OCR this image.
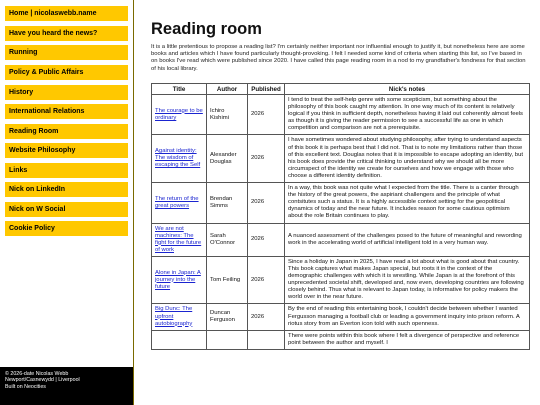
Home | nicolaswebb.name
Have you heard the news?
Running
Policy & Public Affairs
History
International Relations
Reading Room
Website Philosophy
Links
Nick on LinkedIn
Nick on W Social
Cookie Policy
© 2026-date Nicolas Webb
Newport/Casnewydd | Liverpool
Built on Neocities
Reading room

It is a little pretentious to propose a reading list? I'm certainly neither important nor influential enough to justify it, but nonetheless here are some books and articles which I have found particularly thought-provoking. I felt I needed some kind of criteria when starting this list, so I've based in on books I've read which were published since 2020. I have called this page reading room in a nod to my grandfather's fondness for that section of his local library.

Title	Author	Published	Nick's notes
The courage to be ordinary	Ichiro Kishimi	2026	I tend to treat the self-help genre with some scepticism, but something about the philosophy of this book caught my attention. In one way much of its content is relatively logical if you think in sufficient depth, nonetheless having it laid out coherently almost feels as though it is giving the reader permission to see a successful life as one in which competition and comparison are not a prerequisite.
Against identity: The wisdom of escaping the Self	Alexander Douglas	2026	I have sometimes wondered about studying philosophy, after trying to understand aspects of this book it is perhaps best that I did not. That is to note my limitations rather than those of this excellent text. Douglas notes that it is impossible to escape adopting an identity, but his book does provide the critical thinking to understand why we should all be more circumspect of the identity we create for ourselves and how we engage with those who choose a different identity definition.
The return of the great powers	Brendan Simms	2026	In a way, this book was not quite what I expected from the title. There is a canter through the history of the great powers, the aspiriant challengers and the principle of what contsitutes such a status. It is a highly accessible context setting for the geopolitical dynamics of today and the near future. It includes reason for some cautious optimism about the role Britain continues to play.
We are not machines: The fight for the future of work	Sarah O'Connor	2026	A nuanced assessment of the challenges posed to the future of meaningful and rewording work in the accelerating world of artificial intelligent told in a very human way.
Alone in Japan: A journey into the future	Tom Feiling	2026	Since a holiday in Japan in 2025, I have read a lot about what is good about that country. This book captures what makes Japan special, but roots it in the context of the demographic challenges with which it is wrestling. While Japan is at the forefront of this unprecedented societal shift, developed and, now even, developing countries are following closely behind. Thus what is relevant to Japan today, is informative for policy makers the world over in the near future.
Big Dunc: The upfront autobiography	Duncan Ferguson	2026	By the end of reading this entertaining book, I couldn't decide between whether I wanted Fergusson managing a football club or leading a government inquiry into prison reform. A riotus story from an Everton icon told with such openness.
			There were points within this book where I felt a divergence of perspective and reference point between the author and myself. I
